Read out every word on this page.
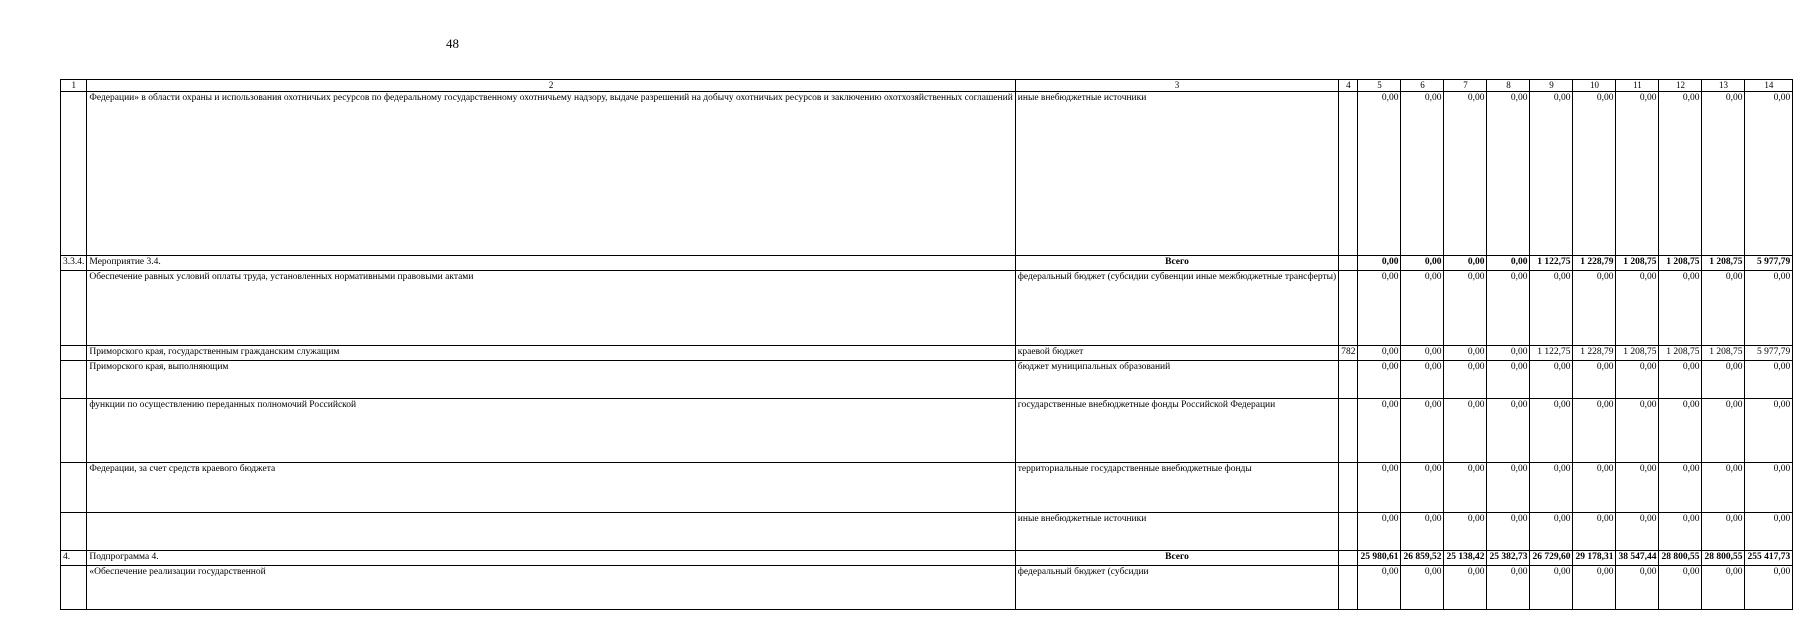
48
1	2	3	4	5	6	7	8	9	10	11	12	13	14
	Федерации» в области охраны и использования охотничьих ресурсов по федеральному государственному охотничьему надзору, выдаче разрешений на добычу охотничьих ресурсов и заключению охотхозяйственных соглашений	иные внебюджетные источники		0,00	0,00	0,00	0,00	0,00	0,00	0,00	0,00	0,00	0,00
3.3.4.	Мероприятие 3.4.	Всего		0,00	0,00	0,00	0,00	1 122,75	1 228,79	1 208,75	1 208,75	1 208,75	5 977,79
	Обеспечение равных условий оплаты труда, установленных нормативными правовыми актами	федеральный бюджет (субсидии субвенции иные межбюджетные трансферты)		0,00	0,00	0,00	0,00	0,00	0,00	0,00	0,00	0,00	0,00
	Приморского края, государственным гражданским служащим	краевой бюджет	782	0,00	0,00	0,00	0,00	1 122,75	1 228,79	1 208,75	1 208,75	1 208,75	5 977,79
	Приморского края, выполняющим	бюджет муниципальных образований		0,00	0,00	0,00	0,00	0,00	0,00	0,00	0,00	0,00	0,00
	функции по осуществлению переданных полномочий Российской	государственные внебюджетные фонды Российской Федерации		0,00	0,00	0,00	0,00	0,00	0,00	0,00	0,00	0,00	0,00
	Федерации, за счет средств краевого бюджета	территориальные государственные внебюджетные фонды		0,00	0,00	0,00	0,00	0,00	0,00	0,00	0,00	0,00	0,00
		иные внебюджетные источники		0,00	0,00	0,00	0,00	0,00	0,00	0,00	0,00	0,00	0,00
4.	Подпрограмма 4.	Всего		25 980,61	26 859,52	25 138,42	25 382,73	26 729,60	29 178,31	38 547,44	28 800,55	28 800,55	255 417,73
	«Обеспечение реализации государственной	федеральный бюджет (субсидии		0,00	0,00	0,00	0,00	0,00	0,00	0,00	0,00	0,00	0,00
